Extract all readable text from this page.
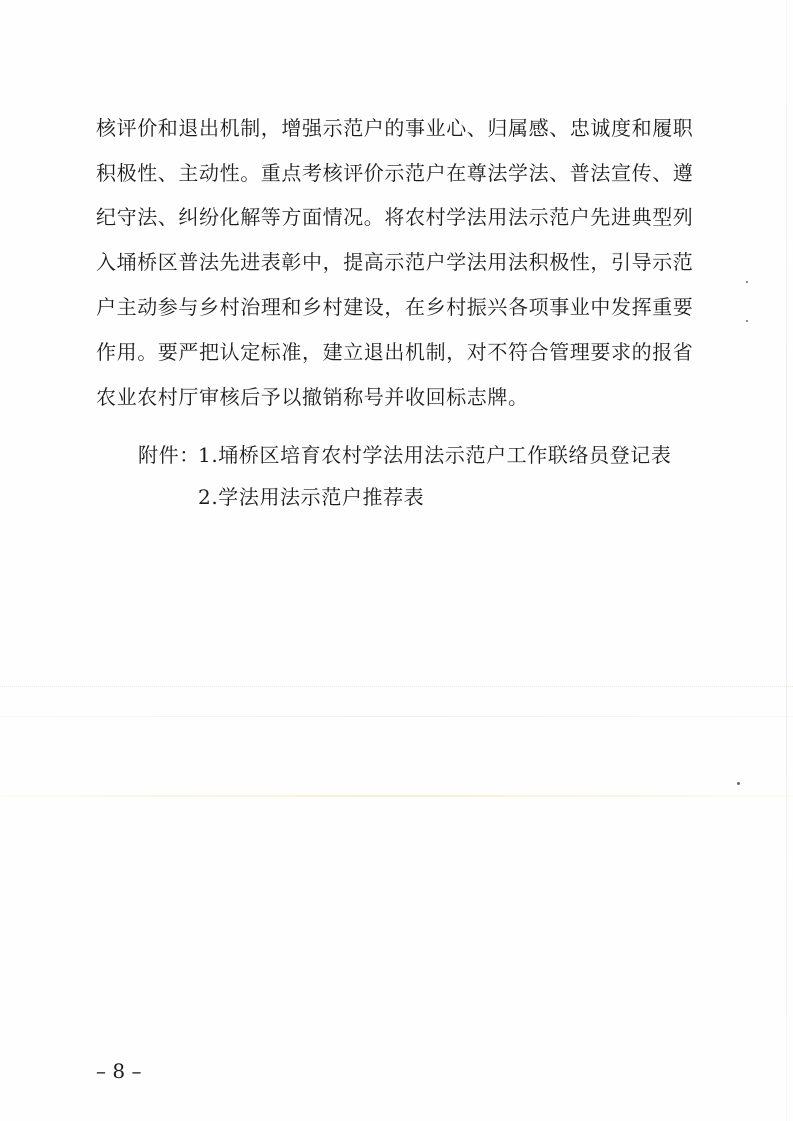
核评价和退出机制，增强示范户的事业心、归属感、忠诚度和履职
积极性、主动性。重点考核评价示范户在尊法学法、普法宣传、遵
纪守法、纠纷化解等方面情况。将农村学法用法示范户先进典型列
入埇桥区普法先进表彰中，提高示范户学法用法积极性，引导示范
户主动参与乡村治理和乡村建设，在乡村振兴各项事业中发挥重要
作用。要严把认定标准，建立退出机制，对不符合管理要求的报省
农业农村厅审核后予以撤销称号并收回标志牌。
附件：
1.埇桥区培育农村学法用法示范户工作联络员登记表
2.学法用法示范户推荐表
– 8 –
